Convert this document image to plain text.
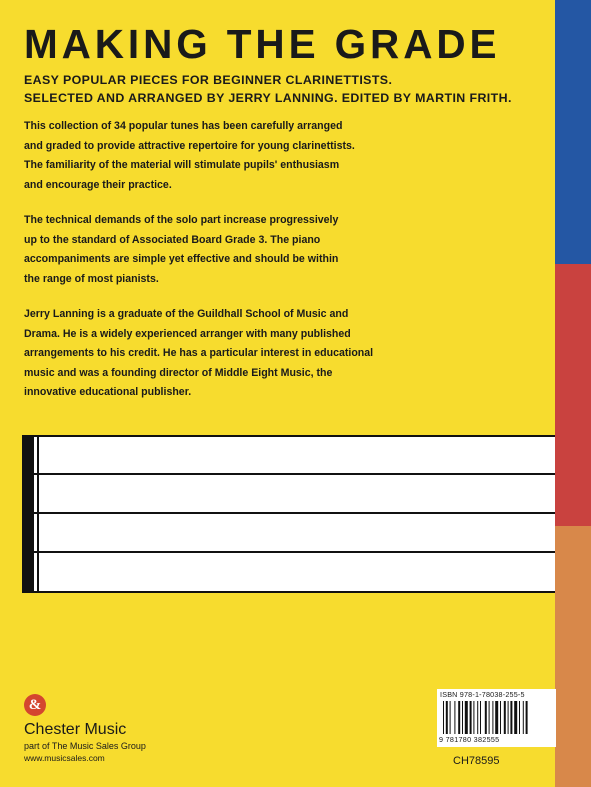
MAKING THE GRADE
EASY POPULAR PIECES FOR BEGINNER CLARINETTISTS.
SELECTED AND ARRANGED BY JERRY LANNING. EDITED BY MARTIN FRITH.
This collection of 34 popular tunes has been carefully arranged
and graded to provide attractive repertoire for young clarinettists.
The familiarity of the material will stimulate pupils' enthusiasm
and encourage their practice.
The technical demands of the solo part increase progressively
up to the standard of Associated Board Grade 3. The piano
accompaniments are simple yet effective and should be within
the range of most pianists.
Jerry Lanning is a graduate of the Guildhall School of Music and
Drama. He is a widely experienced arranger with many published
arrangements to his credit. He has a particular interest in educational
music and was a founding director of Middle Eight Music, the
innovative educational publisher.
&
Chester Music
part of The Music Sales Group
www.musicsales.com
ISBN 978-1-78038-255-5
9 781780 382555
CH78595
